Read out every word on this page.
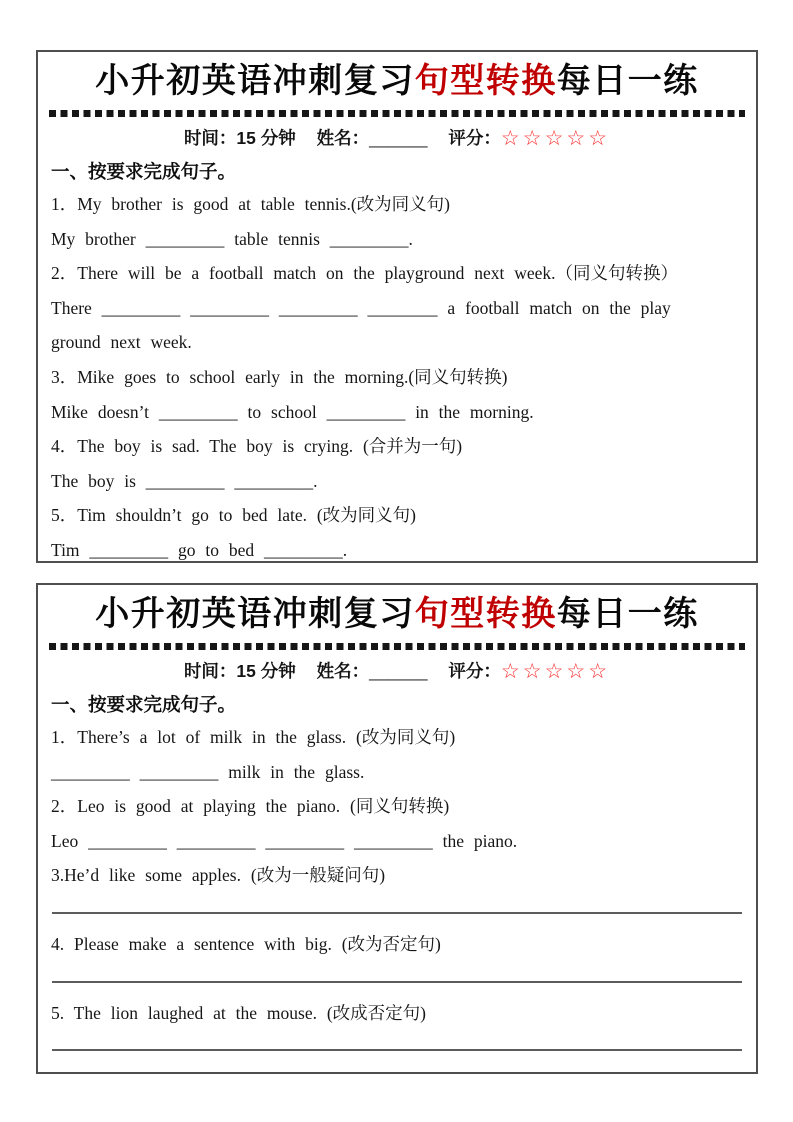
小升初英语冲刺复习句型转换每日一练
时间：15 分钟 姓名：______ 评分：☆☆☆☆☆
一、按要求完成句子。

1．My brother is good at table tennis.(改为同义句)

My brother _________ table tennis _________.

2．There will be a football match on the playground next week.（同义句转换）

There _________ _________ _________ ________ a football match on the play

ground next week.

3．Mike goes to school early in the morning.(同义句转换)

Mike doesn’t _________ to school _________ in the morning.

4．The boy is sad. The boy is crying. (合并为一句)

The boy is _________ _________.

5．Tim shouldn’t go to bed late. (改为同义句)

Tim _________ go to bed _________.

小升初英语冲刺复习句型转换每日一练
时间：15 分钟 姓名：______ 评分：☆☆☆☆☆
一、按要求完成句子。

1．There’s a lot of milk in the glass. (改为同义句)

_________ _________ milk in the glass.

2．Leo is good at playing the piano. (同义句转换)

Leo _________ _________ _________ _________ the piano.

3.He’d like some apples. (改为一般疑问句)

4. Please make a sentence with big. (改为否定句)

5. The lion laughed at the mouse. (改成否定句)
